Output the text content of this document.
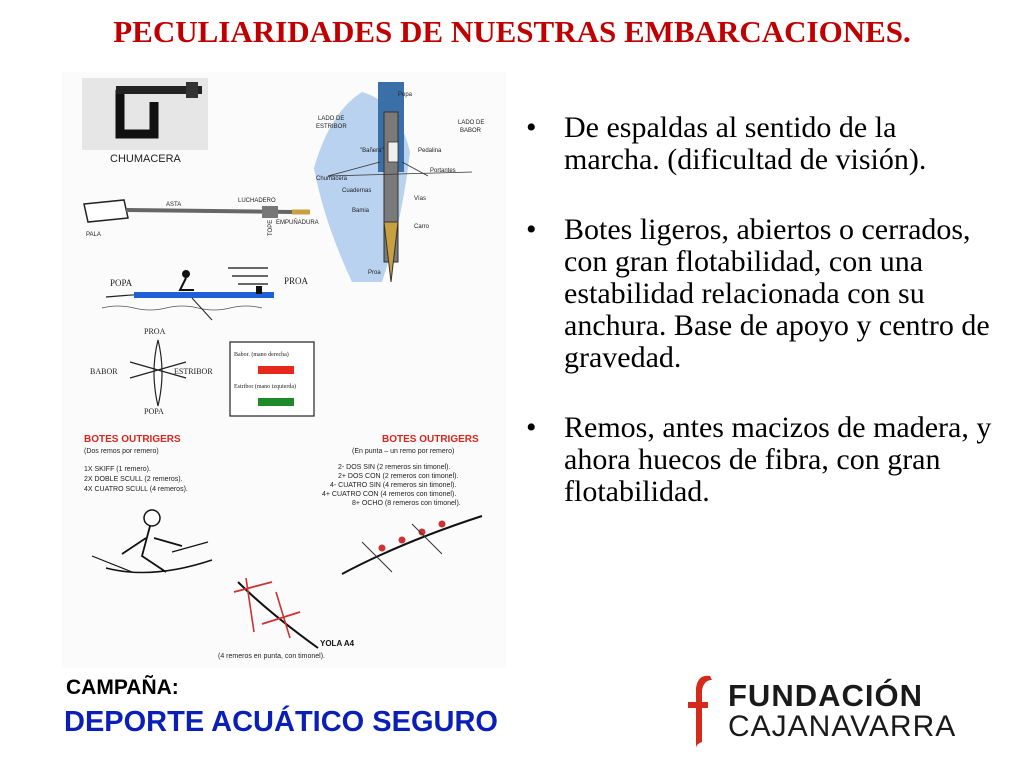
PECULIARIDADES DE NUESTRAS EMBARCACIONES.
CHUMACERA
ASTA
LUCHADERO
PALA	TOPE EMPUÑADURA
POPA	PROA
PROA
BABOR	ESTRIBOR
POPA
Babor. (mano derecha)
Estribor (mano izquierda)
Popa
LADO DE
ESTRIBOR
LADO DE
BABOR
"Bañera"	Pedalina
Portantes
Chumacera
Cuadernas
Vías
Bamia
Carro
Proa
BOTES OUTRIGERS
(Dos remos por remero)
1X SKIFF (1 remero).
2X DOBLE SCULL (2 remeros).
4X CUATRO SCULL (4 remeros).
BOTES OUTRIGERS
(En punta – un remo por remero)
2- DOS SIN (2 remeros sin timonel).
2+ DOS CON (2 remeros con timonel).
4- CUATRO SIN (4 remeros sin timonel).
4+ CUATRO CON (4 remeros con timonel).
8+ OCHO (8 remeros con timonel).
YOLA A4
(4 remeros en punta, con timonel).
• De espaldas al sentido de la marcha. (dificultad de visión).
• Botes ligeros, abiertos o cerrados, con gran flotabilidad, con una estabilidad relacionada con su anchura. Base de apoyo y centro de gravedad.
• Remos, antes macizos de madera, y ahora huecos de fibra, con gran flotabilidad.
CAMPAÑA:
DEPORTE ACUÁTICO SEGURO
FUNDACIÓN
CAJANAVARRA
